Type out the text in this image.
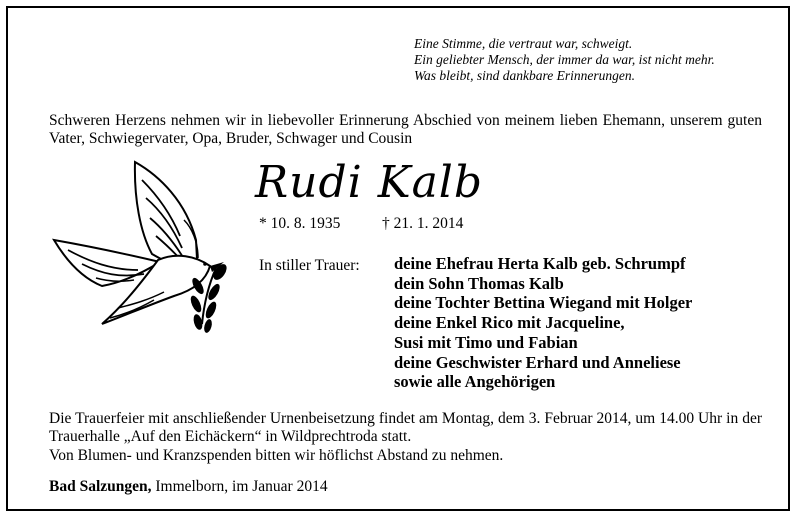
Eine Stimme, die vertraut war, schweigt.
Ein geliebter Mensch, der immer da war, ist nicht mehr.
Was bleibt, sind dankbare Erinnerungen.
Schweren Herzens nehmen wir in liebevoller Erinnerung Abschied von meinem lieben Ehemann, unserem guten Vater, Schwiegervater, Opa, Bruder, Schwager und Cousin
Rudi Kalb
* 10. 8. 1935	† 21. 1. 2014
In stiller Trauer: deine Ehefrau Herta Kalb geb. Schrumpf
dein Sohn Thomas Kalb
deine Tochter Bettina Wiegand mit Holger
deine Enkel Rico mit Jacqueline,
Susi mit Timo und Fabian
deine Geschwister Erhard und Anneliese
sowie alle Angehörigen
Die Trauerfeier mit anschließender Urnenbeisetzung findet am Montag, dem 3. Februar 2014, um 14.00 Uhr in der Trauerhalle „Auf den Eichäckern“ in Wildprechtroda statt.
Von Blumen- und Kranzspenden bitten wir höflichst Abstand zu nehmen.
Bad Salzungen, Immelborn, im Januar 2014
